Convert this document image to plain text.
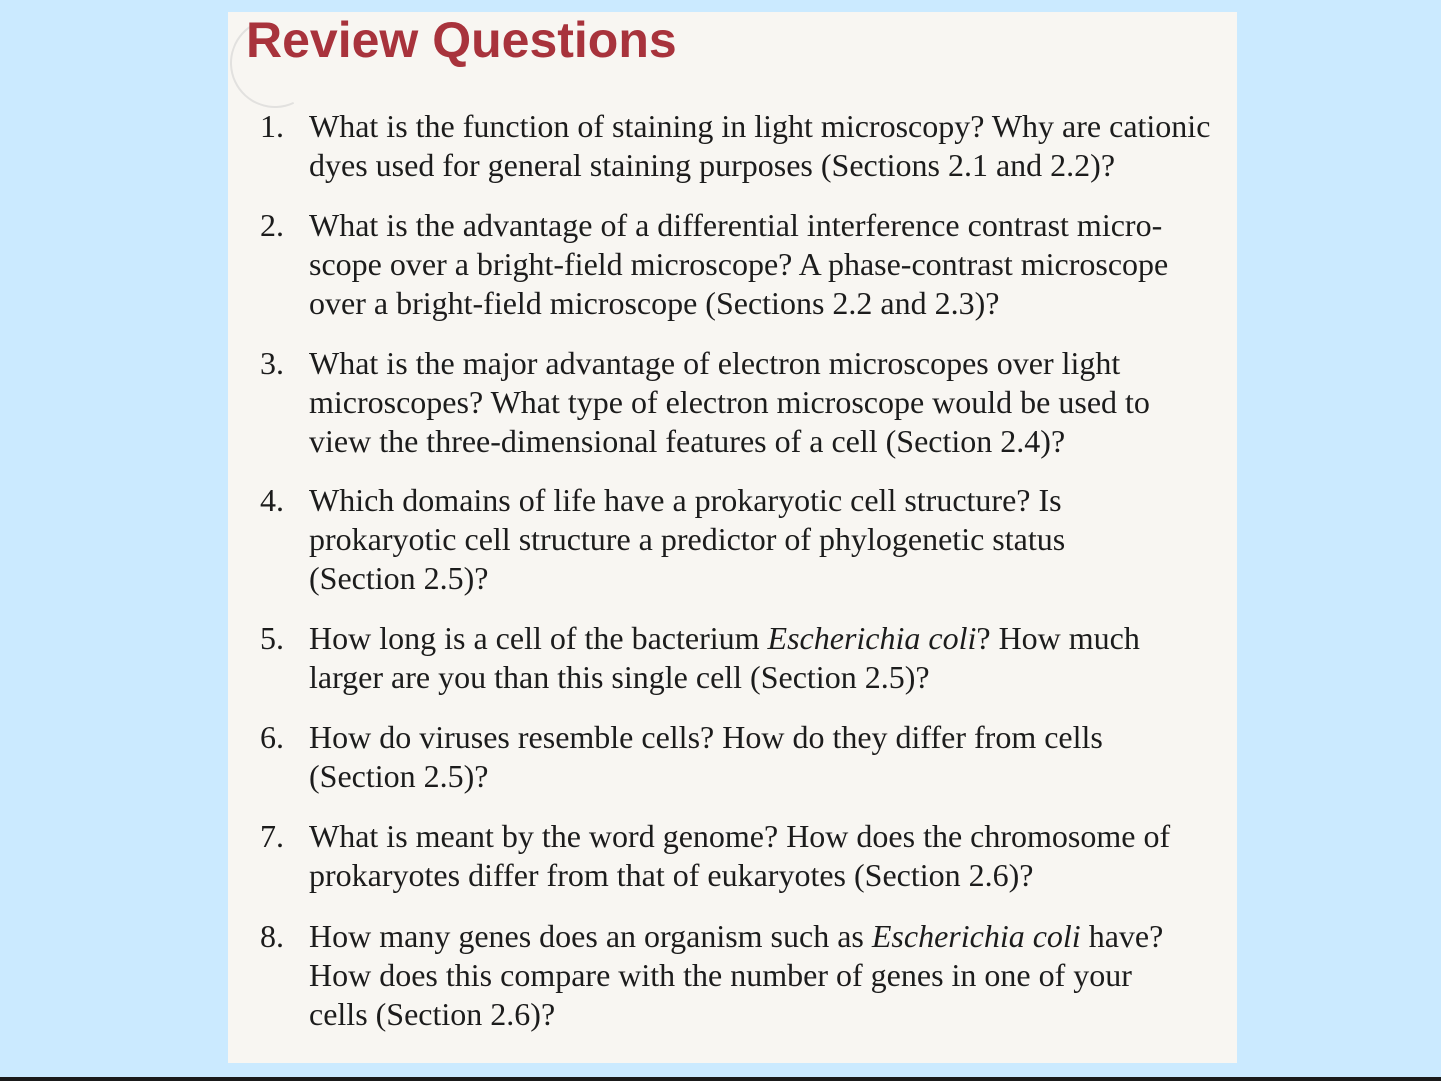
Review Questions
1. What is the function of staining in light microscopy? Why are cationic
dyes used for general staining purposes (Sections 2.1 and 2.2)?
2. What is the advantage of a differential interference contrast micro-
scope over a bright-field microscope? A phase-contrast microscope
over a bright-field microscope (Sections 2.2 and 2.3)?
3. What is the major advantage of electron microscopes over light
microscopes? What type of electron microscope would be used to
view the three-dimensional features of a cell (Section 2.4)?
4. Which domains of life have a prokaryotic cell structure? Is
prokaryotic cell structure a predictor of phylogenetic status
(Section 2.5)?
5. How long is a cell of the bacterium Escherichia coli? How much
larger are you than this single cell (Section 2.5)?
6. How do viruses resemble cells? How do they differ from cells
(Section 2.5)?
7. What is meant by the word genome? How does the chromosome of
prokaryotes differ from that of eukaryotes (Section 2.6)?
8. How many genes does an organism such as Escherichia coli have?
How does this compare with the number of genes in one of your
cells (Section 2.6)?
